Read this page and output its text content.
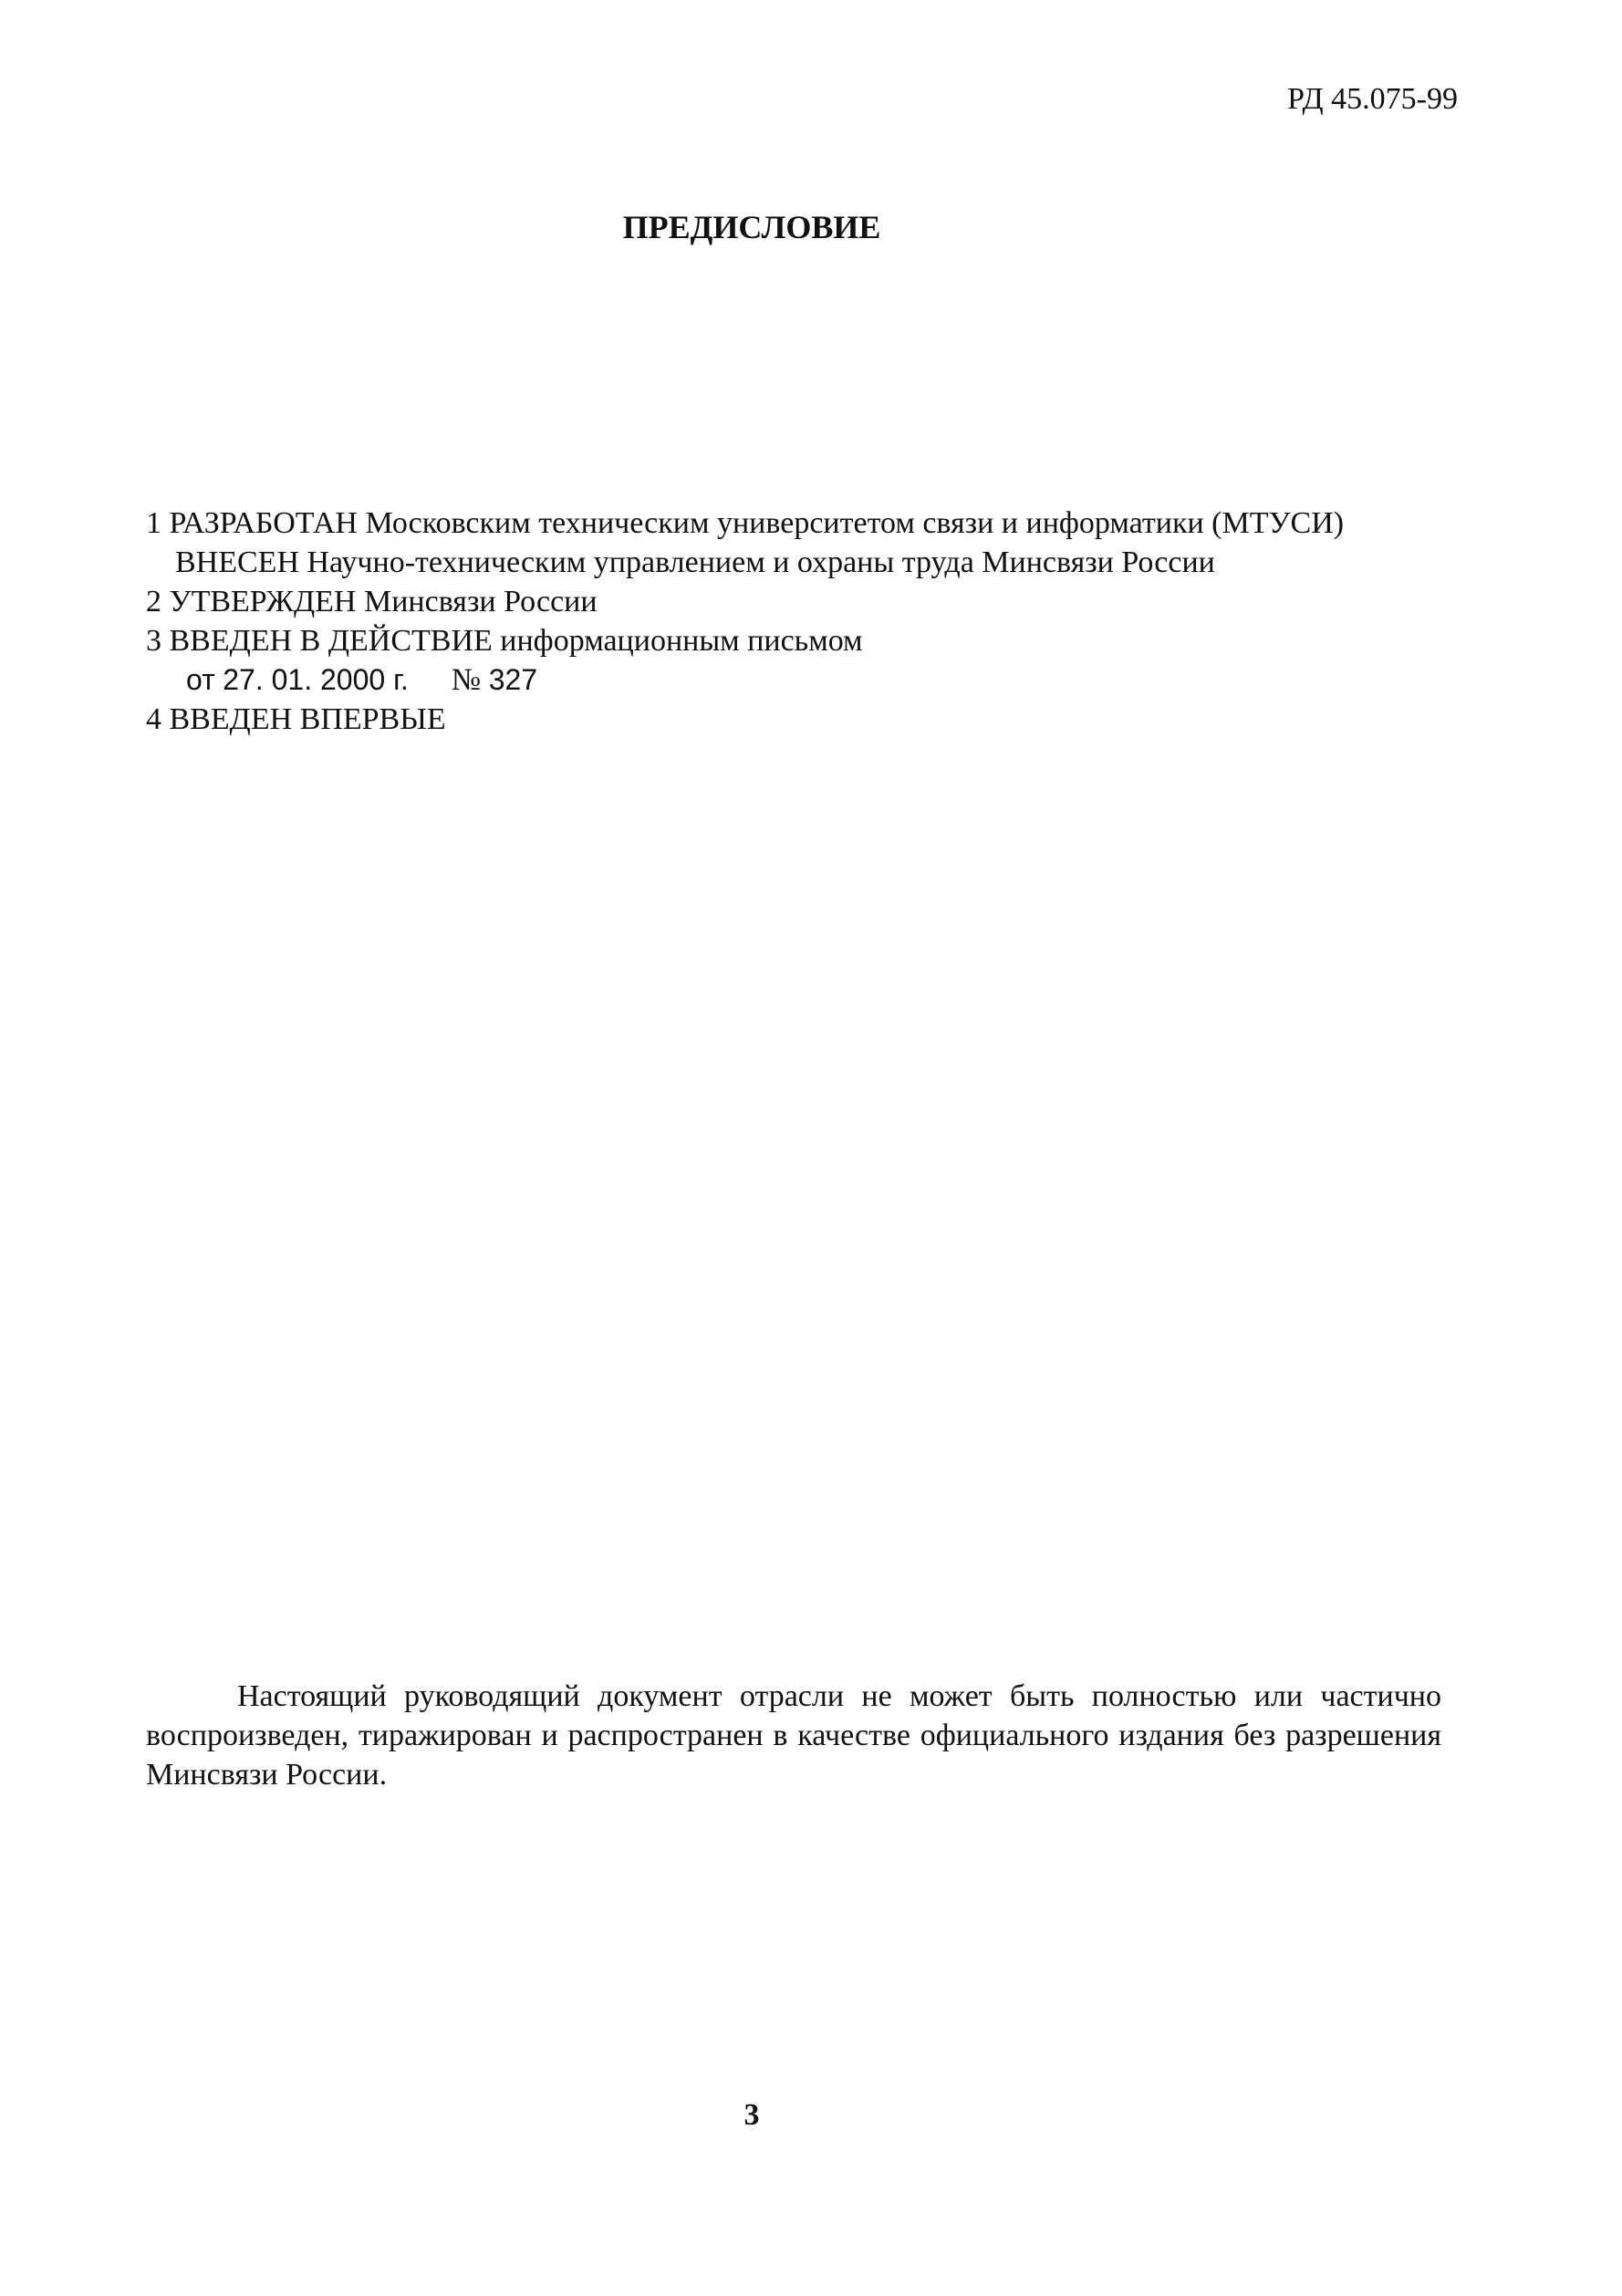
РД 45.075-99
ПРЕДИСЛОВИЕ
1 РАЗРАБОТАН Московским техническим университетом связи и информатики (МТУСИ)
ВНЕСЕН Научно-техническим управлением и охраны труда Минсвязи России
2 УТВЕРЖДЕН Минсвязи России
3 ВВЕДЕН В ДЕЙСТВИЕ информационным письмом
от 27. 01. 2000 г. № 327
4 ВВЕДЕН ВПЕРВЫЕ
Настоящий руководящий документ отрасли не может быть полностью или частично воспроизведен, тиражирован и распространен в качестве официального издания без разрешения Минсвязи России.
3
